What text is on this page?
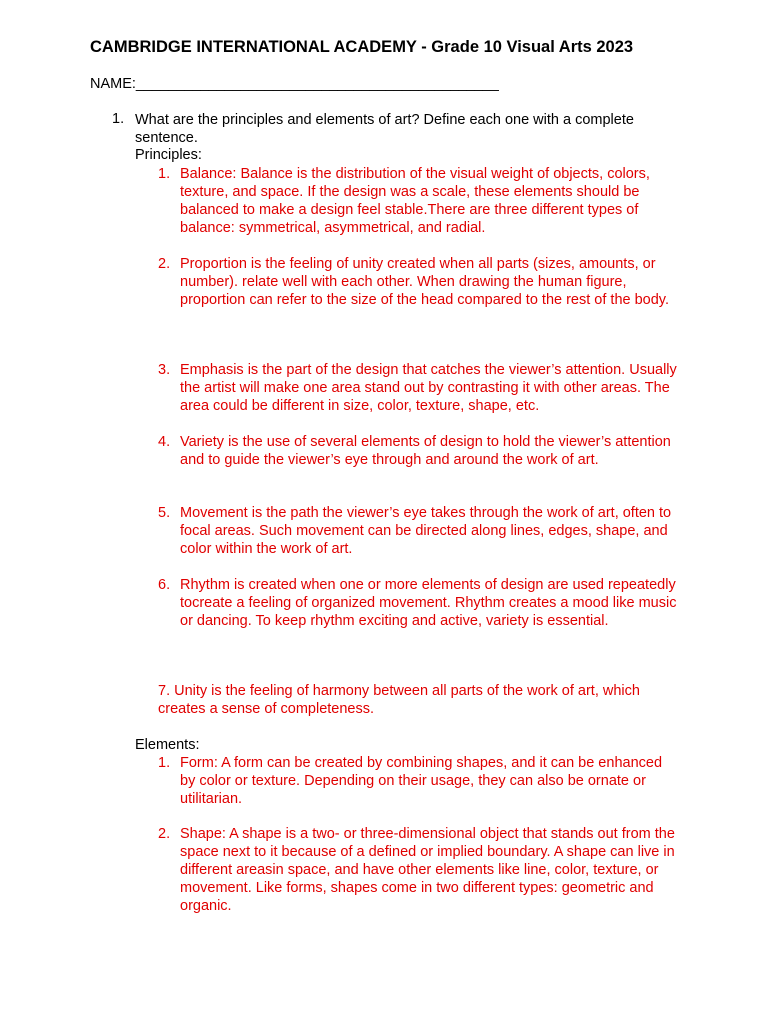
CAMBRIDGE INTERNATIONAL ACADEMY - Grade 10 Visual Arts 2023
NAME:_____________________________________________
1. What are the principles and elements of art? Define each one with a complete sentence.
Principles:
1. Balance: Balance is the distribution of the visual weight of objects, colors, texture, and space. If the design was a scale, these elements should be balanced to make a design feel stable.There are three different types of balance: symmetrical, asymmetrical, and radial.
2. Proportion is the feeling of unity created when all parts (sizes, amounts, or number). relate well with each other. When drawing the human figure, proportion can refer to the size of the head compared to the rest of the body.
3. Emphasis is the part of the design that catches the viewer’s attention. Usually the artist will make one area stand out by contrasting it with other areas. The area could be different in size, color, texture, shape, etc.
4. Variety is the use of several elements of design to hold the viewer’s attention and to guide the viewer’s eye through and around the work of art.
5. Movement is the path the viewer’s eye takes through the work of art, often to focal areas. Such movement can be directed along lines, edges, shape, and color within the work of art.
6. Rhythm is created when one or more elements of design are used repeatedly tocreate a feeling of organized movement. Rhythm creates a mood like music or dancing. To keep rhythm exciting and active, variety is essential.
7. Unity is the feeling of harmony between all parts of the work of art, which creates a sense of completeness.
Elements:
1. Form: A form can be created by combining shapes, and it can be enhanced by color or texture. Depending on their usage, they can also be ornate or utilitarian.
2. Shape: A shape is a two- or three-dimensional object that stands out from the space next to it because of a defined or implied boundary. A shape can live in different areasin space, and have other elements like line, color, texture, or movement. Like forms, shapes come in two different types: geometric and organic.
